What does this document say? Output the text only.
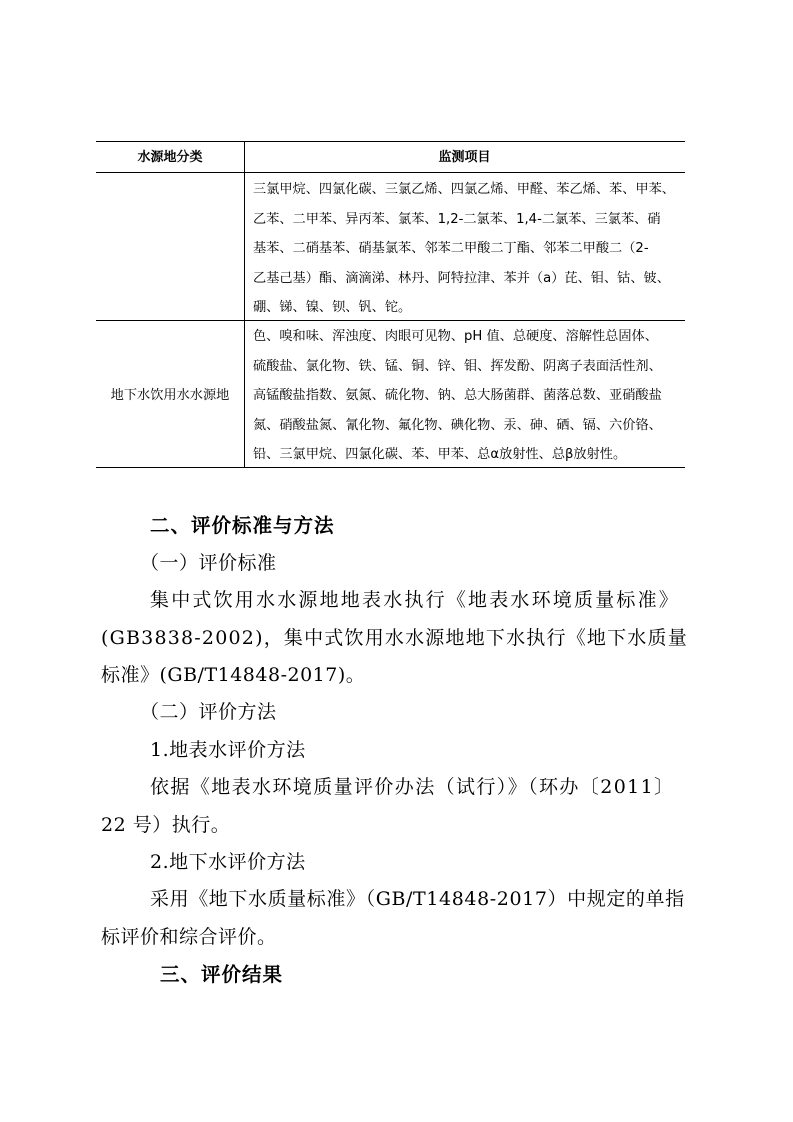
水源地分类	监测项目
三氯甲烷、四氯化碳、三氯乙烯、四氯乙烯、甲醛、苯乙烯、苯、甲苯、
乙苯、二甲苯、异丙苯、氯苯、1,2-二氯苯、1,4-二氯苯、三氯苯、硝
基苯、二硝基苯、硝基氯苯、邻苯二甲酸二丁酯、邻苯二甲酸二（2-
乙基己基）酯、滴滴涕、林丹、阿特拉津、苯并（a）芘、钼、钴、铍、
硼、锑、镍、钡、钒、铊。
地下水饮用水水源地
色、嗅和味、浑浊度、肉眼可见物、pH 值、总硬度、溶解性总固体、
硫酸盐、氯化物、铁、锰、铜、锌、钼、挥发酚、阴离子表面活性剂、
高锰酸盐指数、氨氮、硫化物、钠、总大肠菌群、菌落总数、亚硝酸盐
氮、硝酸盐氮、氰化物、氟化物、碘化物、汞、砷、硒、镉、六价铬、
铅、三氯甲烷、四氯化碳、苯、甲苯、总α放射性、总β放射性。
二、评价标准与方法
（一）评价标准
集中式饮用水水源地地表水执行《地表水环境质量标准》
(GB3838-2002)，集中式饮用水水源地地下水执行《地下水质量
标准》(GB/T14848-2017)。
（二）评价方法
1.地表水评价方法
依据《地表水环境质量评价办法（试行）》（环办〔2011〕
22 号）执行。
2.地下水评价方法
采用《地下水质量标准》（GB/T14848-2017）中规定的单指
标评价和综合评价。
三、评价结果
